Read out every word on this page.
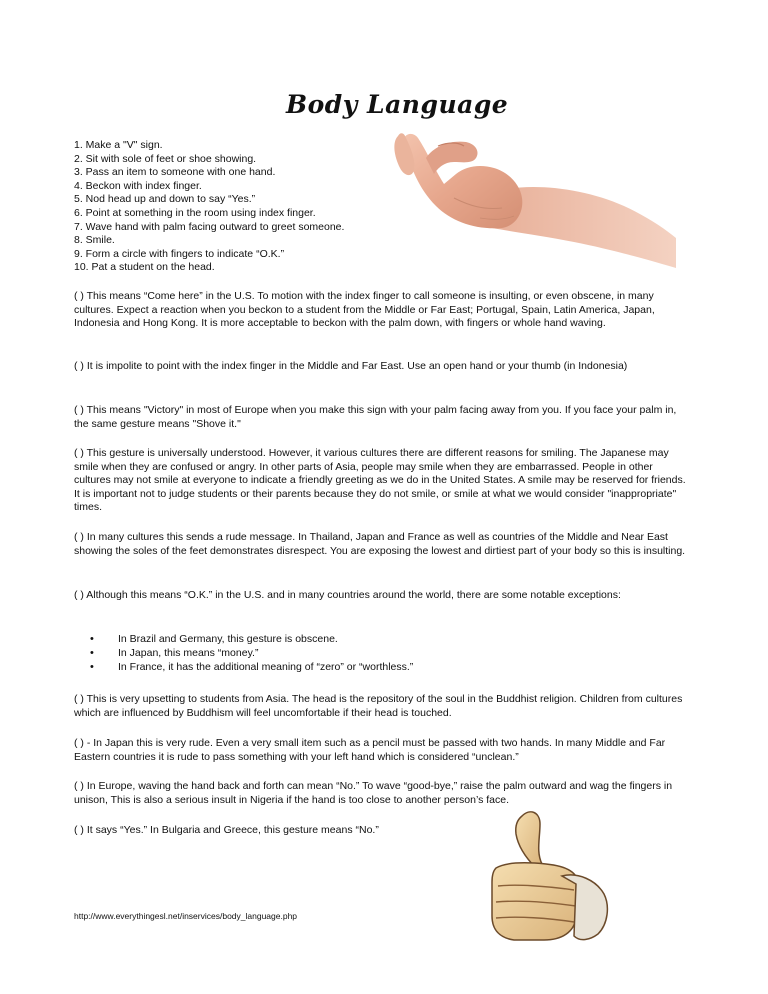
Body Language
1. Make a "V" sign.
2. Sit with sole of feet or shoe showing.
3. Pass an item to someone with one hand.
4. Beckon with index finger.
5. Nod head up and down to say “Yes.”
6. Point at something in the room using index finger.
7. Wave hand with palm facing outward to greet someone.
8. Smile.
9. Form a circle with fingers to indicate “O.K.”
10. Pat a student on the head.

( ) This means “Come here” in the U.S. To motion with the index finger to call someone is insulting, or even obscene, in many cultures. Expect a reaction when you beckon to a student from the Middle or Far East; Portugal, Spain, Latin America, Japan, Indonesia and Hong Kong. It is more acceptable to beckon with the palm down, with fingers or whole hand waving.

( ) It is impolite to point with the index finger in the Middle and Far East. Use an open hand or your thumb (in Indonesia)

( ) This means "Victory" in most of Europe when you make this sign with your palm facing away from you. If you face your palm in, the same gesture means "Shove it."

( ) This gesture is universally understood. However, it various cultures there are different reasons for smiling. The Japanese may smile when they are confused or angry. In other parts of Asia, people may smile when they are embarrassed. People in other cultures may not smile at everyone to indicate a friendly greeting as we do in the United States. A smile may be reserved for friends. It is important not to judge students or their parents because they do not smile, or smile at what we would consider "inappropriate" times.

( ) In many cultures this sends a rude message. In Thailand, Japan and France as well as countries of the Middle and Near East showing the soles of the feet demonstrates disrespect. You are exposing the lowest and dirtiest part of your body so this is insulting.

( ) Although this means “O.K.” in the U.S. and in many countries around the world, there are some notable exceptions:

• In Brazil and Germany, this gesture is obscene.
• In Japan, this means “money.”
• In France, it has the additional meaning of “zero” or “worthless.”

( ) This is very upsetting to students from Asia. The head is the repository of the soul in the Buddhist religion. Children from cultures which are influenced by Buddhism will feel uncomfortable if their head is touched.

( ) - In Japan this is very rude. Even a very small item such as a pencil must be passed with two hands. In many Middle and Far Eastern countries it is rude to pass something with your left hand which is considered “unclean.”

( ) In Europe, waving the hand back and forth can mean “No.” To wave “good-bye,” raise the palm outward and wag the fingers in unison, This is also a serious insult in Nigeria if the hand is too close to another person’s face.

( ) It says “Yes.” In Bulgaria and Greece, this gesture means “No.”

http://www.everythingesl.net/inservices/body_language.php
